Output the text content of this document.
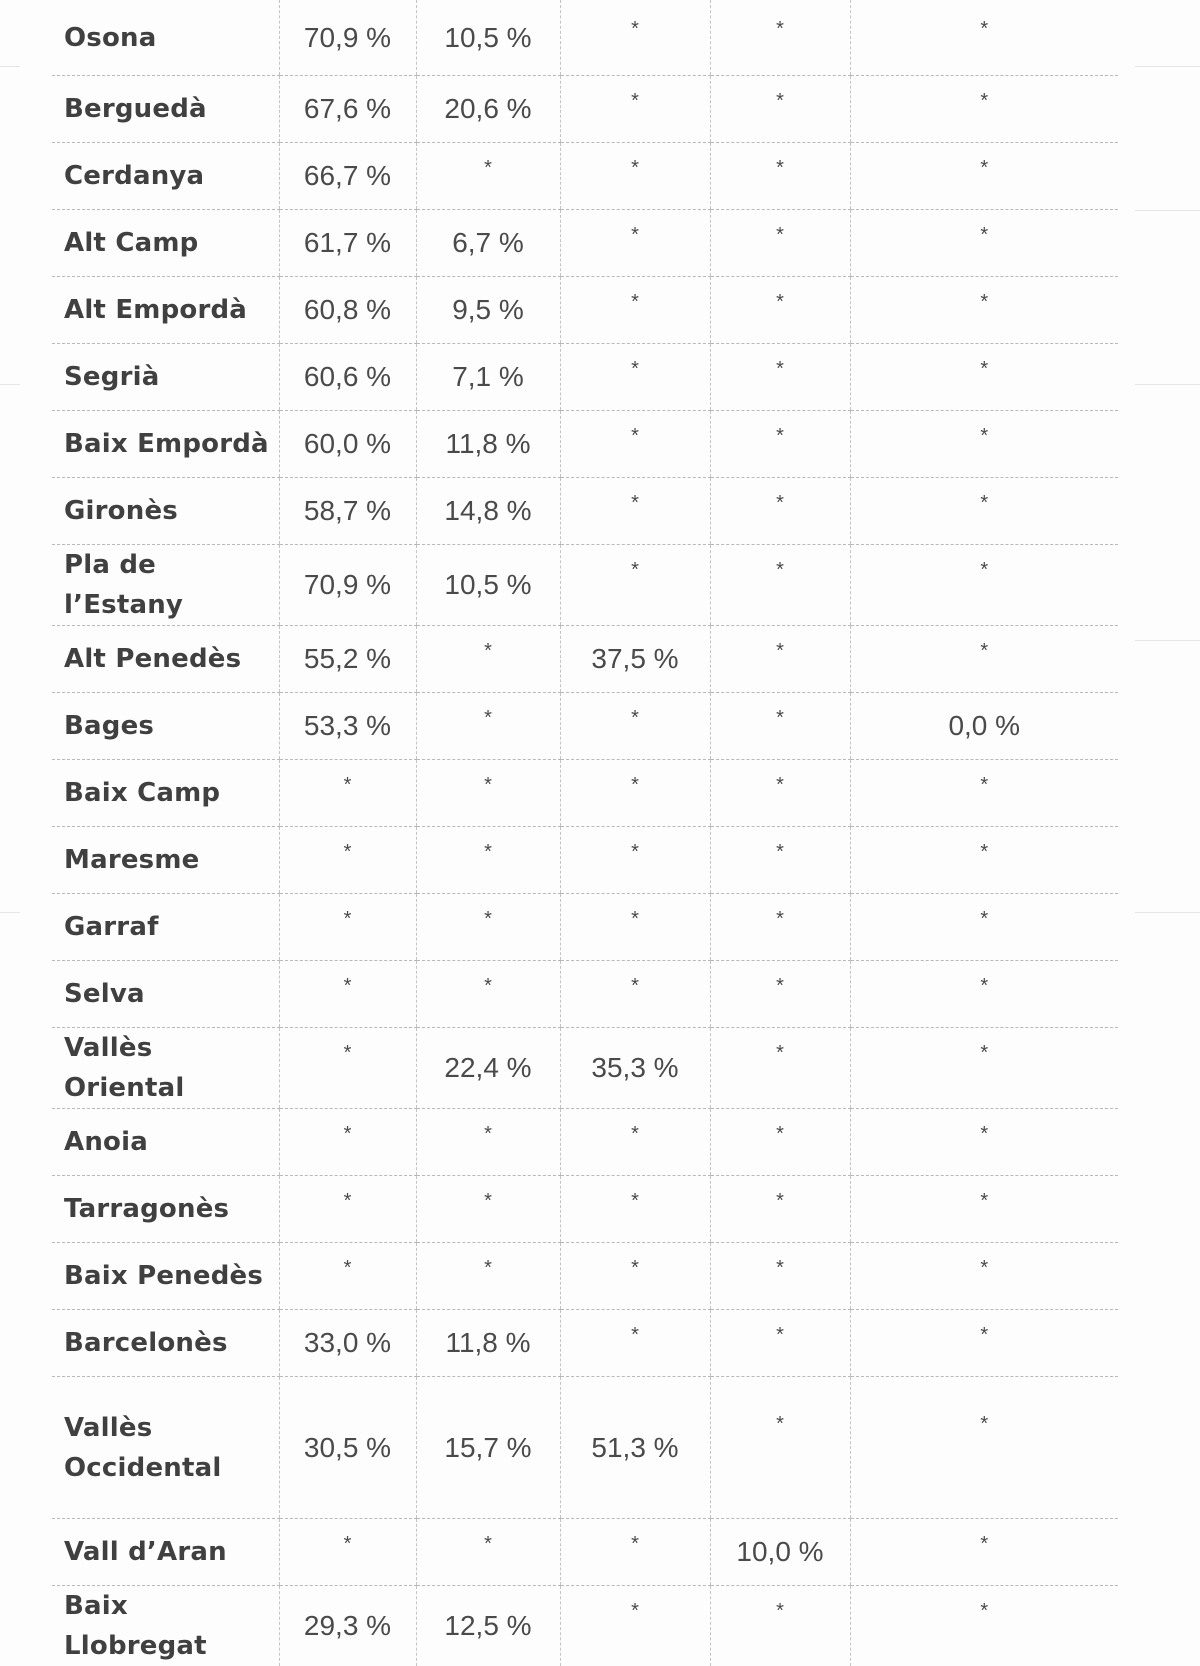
Osona	70,9 %	10,5 %	*	*	*
Berguedà	67,6 %	20,6 %	*	*	*
Cerdanya	66,7 %	*	*	*	*
Alt Camp	61,7 %	6,7 %	*	*	*
Alt Empordà	60,8 %	9,5 %	*	*	*
Segrià	60,6 %	7,1 %	*	*	*
Baix Empordà	60,0 %	11,8 %	*	*	*
Gironès	58,7 %	14,8 %	*	*	*
Pla de l’Estany	70,9 %	10,5 %	*	*	*
Alt Penedès	55,2 %	*	37,5 %	*	*
Bages	53,3 %	*	*	*	0,0 %
Baix Camp	*	*	*	*	*
Maresme	*	*	*	*	*
Garraf	*	*	*	*	*
Selva	*	*	*	*	*
Vallès Oriental	*	22,4 %	35,3 %	*	*
Anoia	*	*	*	*	*
Tarragonès	*	*	*	*	*
Baix Penedès	*	*	*	*	*
Barcelonès	33,0 %	11,8 %	*	*	*

Vallès
Occidental	30,5 %	15,7 %	51,3 %	*	*
Vall d’Aran	*	*	*	10,0 %	*
Baix Llobregat	29,3 %	12,5 %	*	*	*
